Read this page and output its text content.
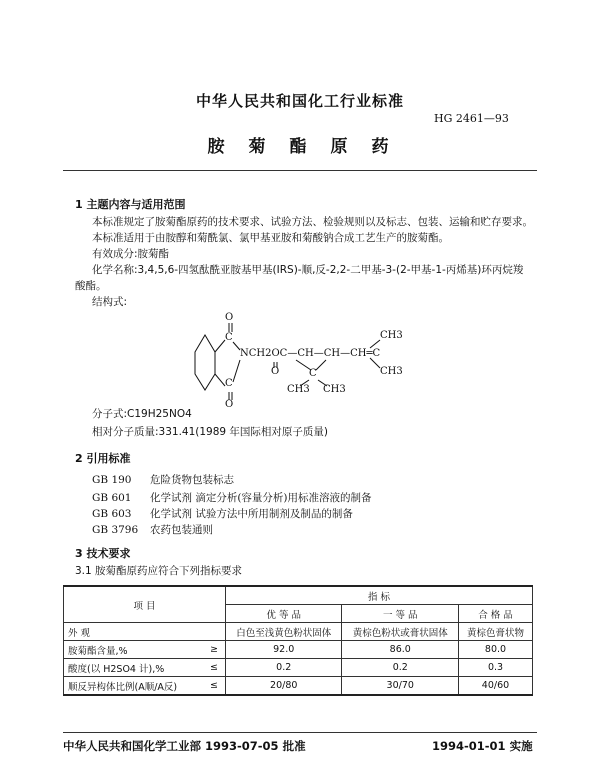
中华人民共和国化工行业标准
HG 2461—93
胺菊酯原药
1 主题内容与适用范围
本标准规定了胺菊酯原药的技术要求、试验方法、检验规则以及标志、包装、运输和贮存要求。
本标准适用于由胺醇和菊酰氯、氯甲基亚胺和菊酸钠合成工艺生产的胺菊酯。
有效成分:胺菊酯
化学名称:3,4,5,6-四氢酞酰亚胺基甲基(IRS)-顺,反-2,2-二甲基-3-(2-甲基-1-丙烯基)环丙烷羧
酸酯。
结构式:
O
C
NCH2OC—CH—CH—CH═C
O	C
C
O
CH3
CH3
CH3 CH3
分子式:C19H25NO4
相对分子质量:331.41(1989 年国际相对原子质量)
2 引用标准
GB 190 危险货物包装标志
GB 601 化学试剂 滴定分析(容量分析)用标准溶液的制备
GB 603 化学试剂 试验方法中所用制剂及制品的制备
GB 3796 农药包装通则
3 技术要求
3.1 胺菊酯原药应符合下列指标要求
项 目		指 标		
		优 等 品	一 等 品	合 格 品
外 观		白色至浅黄色粉状固体	黄棕色粉状或膏状固体	黄棕色膏状物
胺菊酯含量,%	≥	92.0	86.0	80.0
酸度(以 H2SO4 计),%	≤	0.2	0.2	0.3
顺反异构体比例(A顺/A反)	≤	20/80	30/70	40/60
中华人民共和国化学工业部 1993-07-05 批准	1994-01-01 实施
